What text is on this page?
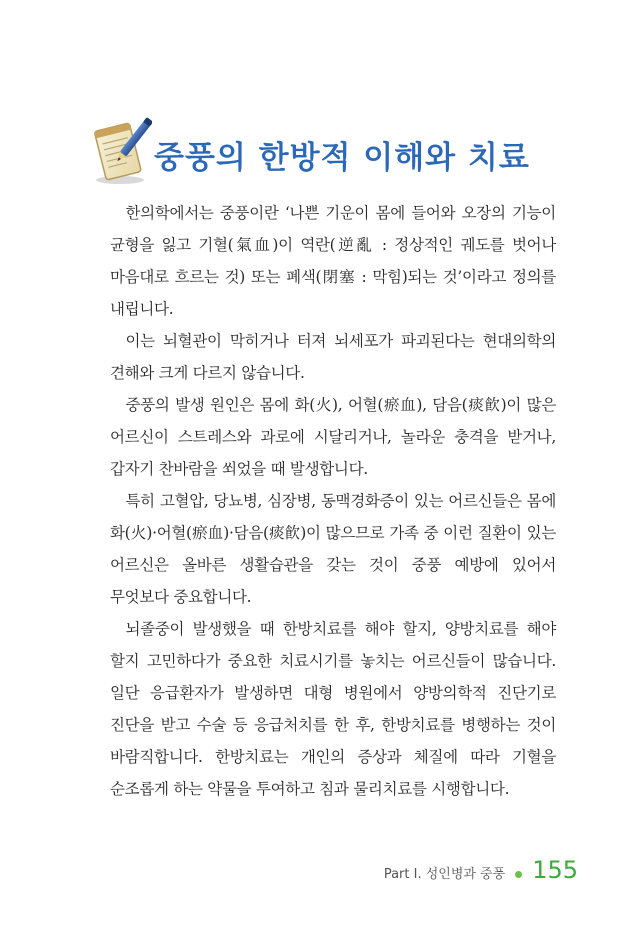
중풍의 한방적 이해와 치료

한의학에서는 중풍이란 ‘나쁜 기운이 몸에 들어와 오장의 기능이 균형을 잃고 기혈(氣血)이 역란(逆亂 : 정상적인 궤도를 벗어나 마음대로 흐르는 것) 또는 폐색(閉塞 : 막힘)되는 것’이라고 정의를 내립니다.

이는 뇌혈관이 막히거나 터져 뇌세포가 파괴된다는 현대의학의 견해와 크게 다르지 않습니다.

중풍의 발생 원인은 몸에 화(火), 어혈(瘀血), 담음(痰飮)이 많은 어르신이 스트레스와 과로에 시달리거나, 놀라운 충격을 받거나, 갑자기 찬바람을 쐬었을 때 발생합니다.

특히 고혈압, 당뇨병, 심장병, 동맥경화증이 있는 어르신들은 몸에 화(火)·어혈(瘀血)·담음(痰飮)이 많으므로 가족 중 이런 질환이 있는 어르신은 올바른 생활습관을 갖는 것이 중풍 예방에 있어서 무엇보다 중요합니다.

뇌졸중이 발생했을 때 한방치료를 해야 할지, 양방치료를 해야 할지 고민하다가 중요한 치료시기를 놓치는 어르신들이 많습니다. 일단 응급환자가 발생하면 대형 병원에서 양방의학적 진단기로 진단을 받고 수술 등 응급처치를 한 후, 한방치료를 병행하는 것이 바람직합니다. 한방치료는 개인의 증상과 체질에 따라 기혈을 순조롭게 하는 약물을 투여하고 침과 물리치료를 시행합니다.

Part Ⅰ. 성인병과 중풍 155
